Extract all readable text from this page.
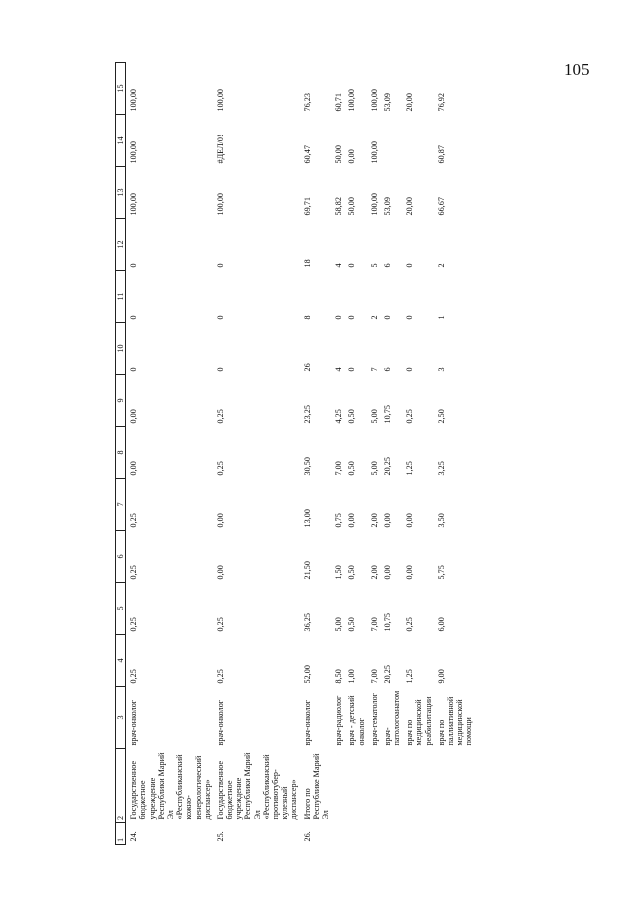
105
1	2	3	4	5	6	7	8	9	10	11	12	13	14	15
24.	Государственное бюджетное учреждение Республики Марий Эл «Республиканский кожно-венерологический диспансер»	врач-онколог	0,25	0,25	0,25	0,25	0,00	0,00	0	0	0	100,00	100,00	100,00
25.	Государственное бюджетное учреждение Республики Марий Эл «Республиканский противотубер-кулезный диспансер»	врач-онколог	0,25	0,25	0,00	0,00	0,25	0,25	0	0	0	100,00	#ДЕЛ/0!	100,00
26.	Итого по Республике Марий Эл	врач-онколог	52,00	36,25	21,50	13,00	30,50	23,25	26	8	18	69,71	60,47	76,23
		врач-радиолог	8,50	5,00	1,50	0,75	7,00	4,25	4	0	4	58,82	50,00	60,71
		врач - детский онколог	1,00	0,50	0,50	0,00	0,50	0,50	0	0	0	50,00	0,00	100,00
		врач-гематолог	7,00	7,00	2,00	2,00	5,00	5,00	7	2	5	100,00	100,00	100,00
		врач-патологоанатом	20,25	10,75	0,00	0,00	20,25	10,75	6	0	6	53,09		53,09
		врач по медицинской реабилитации	1,25	0,25	0,00	0,00	1,25	0,25	0	0	0	20,00		20,00
		врач по паллиативной медицинской помощи	9,00	6,00	5,75	3,50	3,25	2,50	3	1	2	66,67	60,87	76,92
